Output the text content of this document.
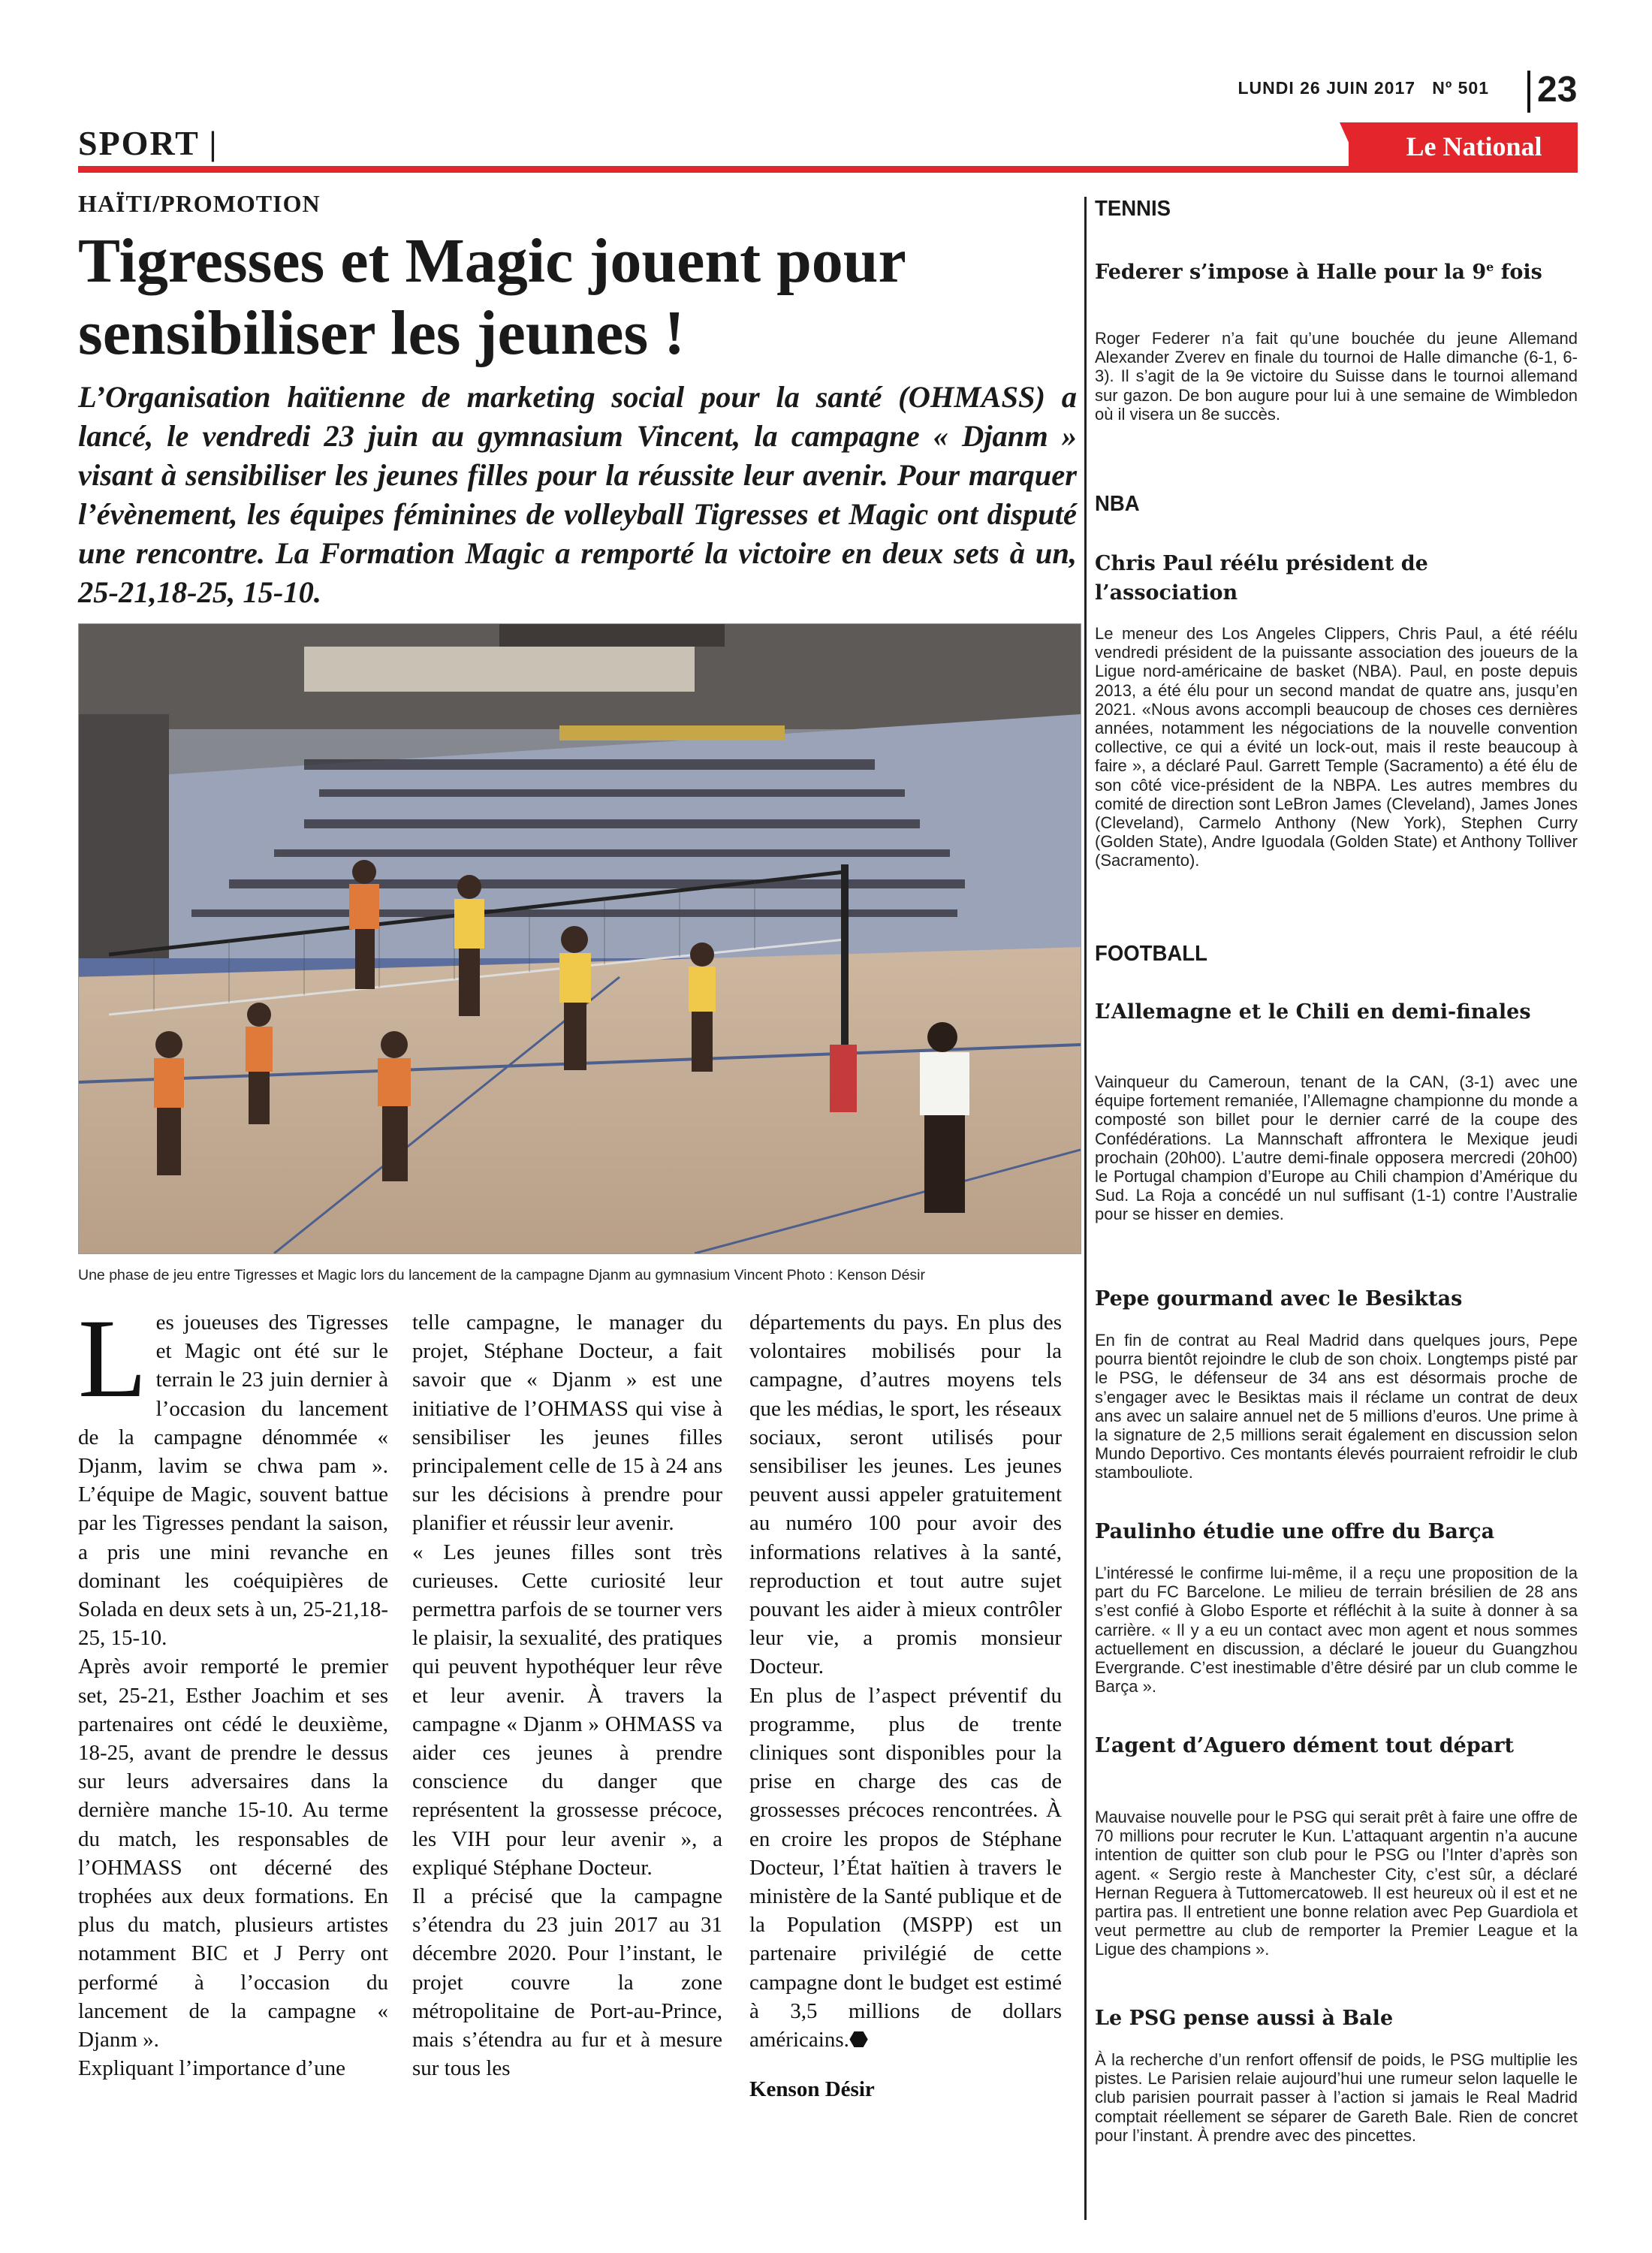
LUNDI 26 JUIN 2017 Nº 501 23
SPORT |	Le National
HAÏTI/PROMOTION
Tigresses et Magic jouent pour sensibiliser les jeunes !
L’Organisation haïtienne de marketing social pour la santé (OHMASS) a lancé, le vendredi 23 juin au gymnasium Vincent, la campagne « Djanm » visant à sensibiliser les jeunes filles pour la réussite leur avenir. Pour marquer l’évènement, les équipes féminines de volleyball Tigresses et Magic ont disputé une rencontre. La Formation Magic a remporté la victoire en deux sets à un, 25-21,18-25, 15-10.
Une phase de jeu entre Tigresses et Magic lors du lancement de la campagne Djanm au gymnasium Vincent Photo : Kenson Désir
L es joueuses des Tigresses et Magic ont été sur le terrain le 23 juin dernier à l’occasion du lancement de la campagne dénommée « Djanm, lavim se chwa pam ». L’équipe de Magic, souvent battue par les Tigresses pendant la saison, a pris une mini revanche en dominant les coéquipières de Solada en deux sets à un, 25-21,18-25, 15-10.

Après avoir remporté le premier set, 25-21, Esther Joachim et ses partenaires ont cédé le deuxième, 18-25, avant de prendre le dessus sur leurs adversaires dans la dernière manche 15-10. Au terme du match, les responsables de l’OHMASS ont décerné des trophées aux deux formations. En plus du match, plusieurs artistes notamment BIC et J Perry ont performé à l’occasion du lancement de la campagne « Djanm ».

Expliquant l’importance d’une

telle campagne, le manager du projet, Stéphane Docteur, a fait savoir que « Djanm » est une initiative de l’OHMASS qui vise à sensibiliser les jeunes filles principalement celle de 15 à 24 ans sur les décisions à prendre pour planifier et réussir leur avenir.

« Les jeunes filles sont très curieuses. Cette curiosité leur permettra parfois de se tourner vers le plaisir, la sexualité, des pratiques qui peuvent hypothéquer leur rêve et leur avenir. À travers la campagne « Djanm » OHMASS va aider ces jeunes à prendre conscience du danger que représentent la grossesse précoce, les VIH pour leur avenir », a expliqué Stéphane Docteur.

Il a précisé que la campagne s’étendra du 23 juin 2017 au 31 décembre 2020. Pour l’instant, le projet couvre la zone métropolitaine de Port-au-Prince, mais s’étendra au fur et à mesure sur tous les

départements du pays. En plus des volontaires mobilisés pour la campagne, d’autres moyens tels que les médias, le sport, les réseaux sociaux, seront utilisés pour sensibiliser les jeunes. Les jeunes peuvent aussi appeler gratuitement au numéro 100 pour avoir des informations relatives à la santé, reproduction et tout autre sujet pouvant les aider à mieux contrôler leur vie, a promis monsieur Docteur.

En plus de l’aspect préventif du programme, plus de trente cliniques sont disponibles pour la prise en charge des cas de grossesses précoces rencontrées. À en croire les propos de Stéphane Docteur, l’État haïtien à travers le ministère de la Santé publique et de la Population (MSPP) est un partenaire privilégié de cette campagne dont le budget est estimé à 3,5 millions de dollars américains.⬣

Kenson Désir

TENNIS
Federer s’impose à Halle pour la 9e fois
Roger Federer n’a fait qu’une bouchée du jeune Allemand Alexander Zverev en finale du tournoi de Halle dimanche (6-1, 6-3). Il s’agit de la 9e victoire du Suisse dans le tournoi allemand sur gazon. De bon augure pour lui à une semaine de Wimbledon où il visera un 8e succès.
NBA
Chris Paul réélu président de l’association
Le meneur des Los Angeles Clippers, Chris Paul, a été réélu vendredi président de la puissante association des joueurs de la Ligue nord-américaine de basket (NBA). Paul, en poste depuis 2013, a été élu pour un second mandat de quatre ans, jusqu’en 2021. «Nous avons accompli beaucoup de choses ces dernières années, notamment les négociations de la nouvelle convention collective, ce qui a évité un lock-out, mais il reste beaucoup à faire », a déclaré Paul. Garrett Temple (Sacramento) a été élu de son côté vice-président de la NBPA. Les autres membres du comité de direction sont LeBron James (Cleveland), James Jones (Cleveland), Carmelo Anthony (New York), Stephen Curry (Golden State), Andre Iguodala (Golden State) et Anthony Tolliver (Sacramento).
FOOTBALL
L’Allemagne et le Chili en demi-finales
Vainqueur du Cameroun, tenant de la CAN, (3-1) avec une équipe fortement remaniée, l’Allemagne championne du monde a composté son billet pour le dernier carré de la coupe des Confédérations. La Mannschaft affrontera le Mexique jeudi prochain (20h00). L’autre demi-finale opposera mercredi (20h00) le Portugal champion d’Europe au Chili champion d’Amérique du Sud. La Roja a concédé un nul suffisant (1-1) contre l’Australie pour se hisser en demies.
Pepe gourmand avec le Besiktas
En fin de contrat au Real Madrid dans quelques jours, Pepe pourra bientôt rejoindre le club de son choix. Longtemps pisté par le PSG, le défenseur de 34 ans est désormais proche de s’engager avec le Besiktas mais il réclame un contrat de deux ans avec un salaire annuel net de 5 millions d’euros. Une prime à la signature de 2,5 millions serait également en discussion selon Mundo Deportivo. Ces montants élevés pourraient refroidir le club stambouliote.
Paulinho étudie une offre du Barça
L’intéressé le confirme lui-même, il a reçu une proposition de la part du FC Barcelone. Le milieu de terrain brésilien de 28 ans s’est confié à Globo Esporte et réfléchit à la suite à donner à sa carrière. « Il y a eu un contact avec mon agent et nous sommes actuellement en discussion, a déclaré le joueur du Guangzhou Evergrande. C’est inestimable d’être désiré par un club comme le Barça ».
L’agent d’Aguero dément tout départ
Mauvaise nouvelle pour le PSG qui serait prêt à faire une offre de 70 millions pour recruter le Kun. L’attaquant argentin n’a aucune intention de quitter son club pour le PSG ou l’Inter d’après son agent. « Sergio reste à Manchester City, c’est sûr, a déclaré Hernan Reguera à Tuttomercatoweb. Il est heureux où il est et ne partira pas. Il entretient une bonne relation avec Pep Guardiola et veut permettre au club de remporter la Premier League et la Ligue des champions ».
Le PSG pense aussi à Bale
À la recherche d’un renfort offensif de poids, le PSG multiplie les pistes. Le Parisien relaie aujourd’hui une rumeur selon laquelle le club parisien pourrait passer à l’action si jamais le Real Madrid comptait réellement se séparer de Gareth Bale. Rien de concret pour l’instant. À prendre avec des pincettes.
